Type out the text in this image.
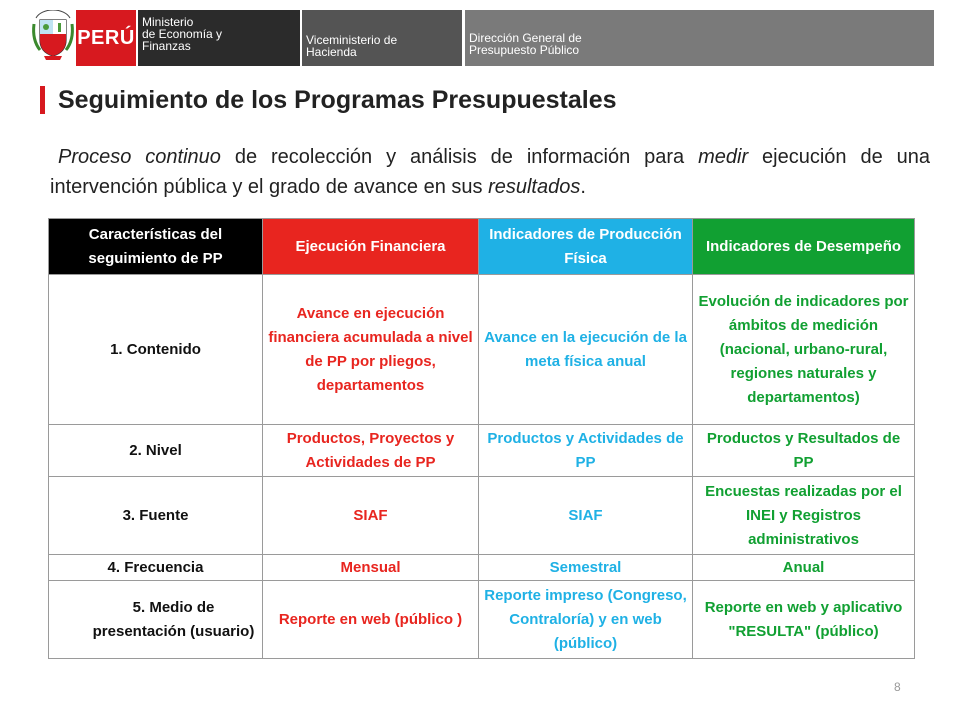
PERÚ
Ministerio
de Economía y
Finanzas	Viceministerio de
Hacienda
Dirección General de
Presupuesto Público
Seguimiento de los Programas Presupuestales

Proceso continuo de recolección y análisis de información para medir ejecución de una intervención pública y el grado de avance en sus resultados.

Características del seguimiento de PP	Ejecución Financiera	Indicadores de Producción Física	Indicadores de Desempeño
1. Contenido	Avance en ejecución financiera acumulada a nivel de PP por pliegos, departamentos	Avance en la ejecución de la meta física anual	Evolución de indicadores por ámbitos de medición (nacional, urbano-rural, regiones naturales y departamentos)
2. Nivel	Productos, Proyectos y Actividades de PP	Productos y Actividades de PP	Productos y Resultados de PP
3. Fuente	SIAF	SIAF	Encuestas realizadas por el INEI y Registros administrativos
4. Frecuencia	Mensual	Semestral	Anual
5. Medio de presentación (usuario)	Reporte en web (público )	Reporte impreso (Congreso, Contraloría) y en web (público)	Reporte en web y aplicativo "RESULTA" (público)
8
